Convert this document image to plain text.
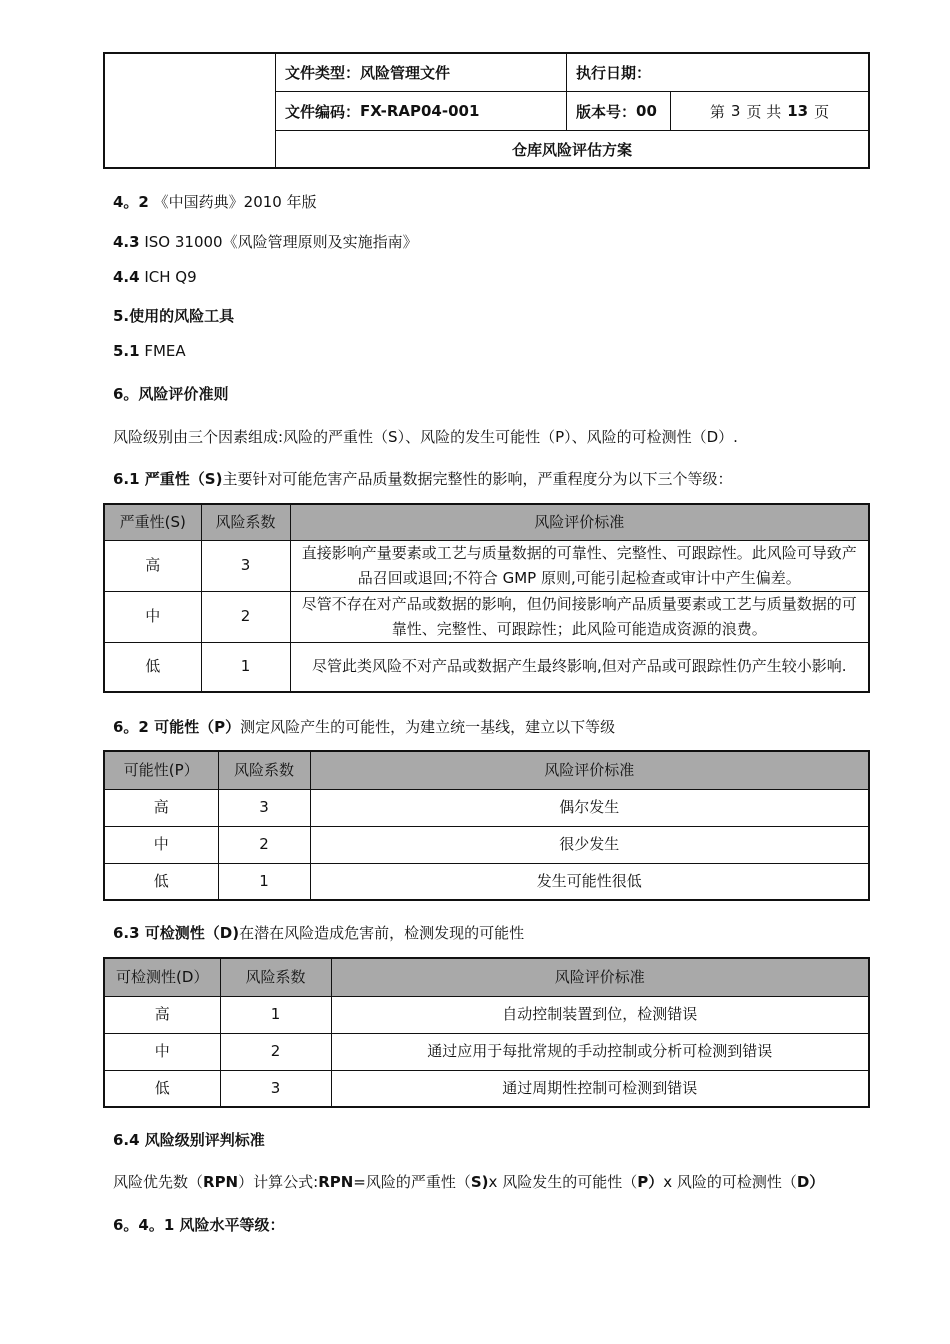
文件类型：风险管理文件	执行日期：
文件编码： FX-RAP04-001	版本号： 00	第 3 页 共 13 页
仓库风险评估方案
4。2 《中国药典》2010 年版
4.3 ISO 31000《风险管理原则及实施指南》
4.4 ICH Q9
5.使用的风险工具
5.1 FMEA
6。风险评价准则
风险级别由三个因素组成:风险的严重性（S）、风险的发生可能性（P）、风险的可检测性（D）.
6.1 严重性（S)主要针对可能危害产品质量数据完整性的影响，严重程度分为以下三个等级：
严重性(S)	风险系数	风险评价标准
高	3	直接影响产量要素或工艺与质量数据的可靠性、完整性、可跟踪性。此风险可导致产品召回或退回;不符合 GMP 原则,可能引起检查或审计中产生偏差。
中	2	尽管不存在对产品或数据的影响，但仍间接影响产品质量要素或工艺与质量数据的可靠性、完整性、可跟踪性；此风险可能造成资源的浪费。
低	1	尽管此类风险不对产品或数据产生最终影响,但对产品或可跟踪性仍产生较小影响.
6。2 可能性（P）测定风险产生的可能性，为建立统一基线，建立以下等级
可能性(P）	风险系数	风险评价标准
高	3	偶尔发生
中	2	很少发生
低	1	发生可能性很低
6.3 可检测性（D)在潜在风险造成危害前，检测发现的可能性
可检测性(D）	风险系数	风险评价标准
高	1	自动控制装置到位，检测错误
中	2	通过应用于每批常规的手动控制或分析可检测到错误
低	3	通过周期性控制可检测到错误
6.4 风险级别评判标准
风险优先数（RPN）计算公式:RPN=风险的严重性（S)x 风险发生的可能性（P）x 风险的可检测性（D）
6。4。1 风险水平等级：
